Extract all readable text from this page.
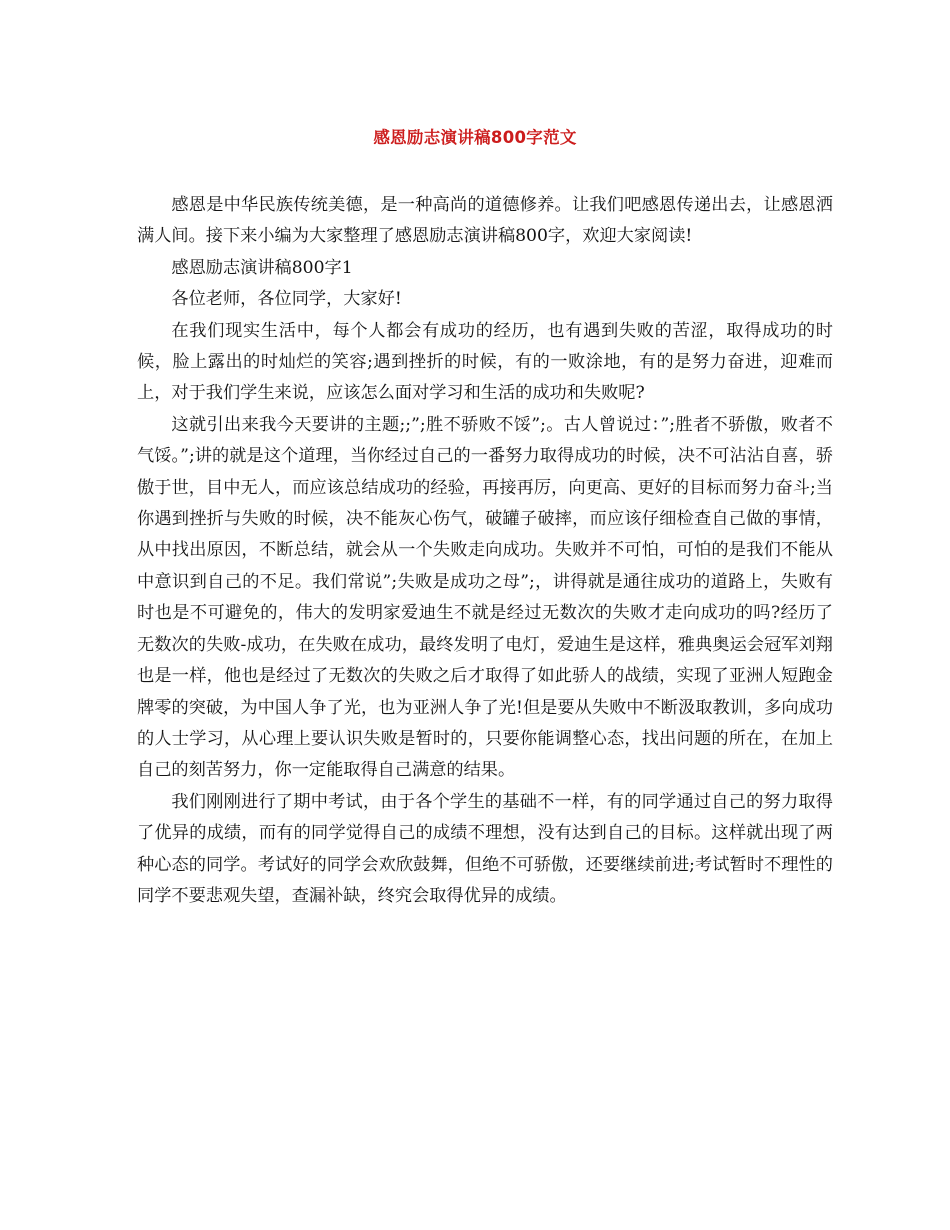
感恩励志演讲稿800字范文

感恩是中华民族传统美德，是一种高尚的道德修养。让我们吧感恩传递出去，让感恩洒满人间。接下来小编为大家整理了感恩励志演讲稿800字，欢迎大家阅读!

感恩励志演讲稿800字1

各位老师，各位同学，大家好!

在我们现实生活中，每个人都会有成功的经历，也有遇到失败的苦涩，取得成功的时候，脸上露出的时灿烂的笑容;遇到挫折的时候，有的一败涂地，有的是努力奋进，迎难而上，对于我们学生来说，应该怎么面对学习和生活的成功和失败呢?

这就引出来我今天要讲的主题;;”;胜不骄败不馁”;。古人曾说过：”;胜者不骄傲，败者不气馁。”;讲的就是这个道理，当你经过自己的一番努力取得成功的时候，决不可沾沾自喜，骄傲于世，目中无人，而应该总结成功的经验，再接再厉，向更高、更好的目标而努力奋斗;当你遇到挫折与失败的时候，决不能灰心伤气，破罐子破摔，而应该仔细检查自己做的事情，从中找出原因，不断总结，就会从一个失败走向成功。失败并不可怕，可怕的是我们不能从中意识到自己的不足。我们常说”;失败是成功之母”;，讲得就是通往成功的道路上，失败有时也是不可避免的，伟大的发明家爱迪生不就是经过无数次的失败才走向成功的吗?经历了无数次的失败-成功，在失败在成功，最终发明了电灯，爱迪生是这样，雅典奥运会冠军刘翔也是一样，他也是经过了无数次的失败之后才取得了如此骄人的战绩，实现了亚洲人短跑金牌零的突破，为中国人争了光，也为亚洲人争了光!但是要从失败中不断汲取教训，多向成功的人士学习，从心理上要认识失败是暂时的，只要你能调整心态，找出问题的所在，在加上自己的刻苦努力，你一定能取得自己满意的结果。

我们刚刚进行了期中考试，由于各个学生的基础不一样，有的同学通过自己的努力取得了优异的成绩，而有的同学觉得自己的成绩不理想，没有达到自己的目标。这样就出现了两种心态的同学。考试好的同学会欢欣鼓舞，但绝不可骄傲，还要继续前进;考试暂时不理性的同学不要悲观失望，查漏补缺，终究会取得优异的成绩。
